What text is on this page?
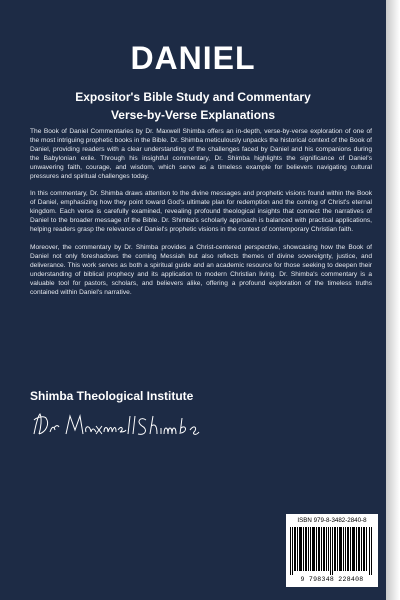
DANIEL
Expositor's Bible Study and Commentary
Verse-by-Verse Explanations

The Book of Daniel Commentaries by Dr. Maxwell Shimba offers an in-depth, verse-by-verse exploration of one of the most intriguing prophetic books in the Bible. Dr. Shimba meticulously unpacks the historical context of the Book of Daniel, providing readers with a clear understanding of the challenges faced by Daniel and his companions during the Babylonian exile. Through his insightful commentary, Dr. Shimba highlights the significance of Daniel's unwavering faith, courage, and wisdom, which serve as a timeless example for believers navigating cultural pressures and spiritual challenges today.

In this commentary, Dr. Shimba draws attention to the divine messages and prophetic visions found within the Book of Daniel, emphasizing how they point toward God's ultimate plan for redemption and the coming of Christ's eternal kingdom. Each verse is carefully examined, revealing profound theological insights that connect the narratives of Daniel to the broader message of the Bible. Dr. Shimba's scholarly approach is balanced with practical applications, helping readers grasp the relevance of Daniel's prophetic visions in the context of contemporary Christian faith.

Moreover, the commentary by Dr. Shimba provides a Christ-centered perspective, showcasing how the Book of Daniel not only foreshadows the coming Messiah but also reflects themes of divine sovereignty, justice, and deliverance. This work serves as both a spiritual guide and an academic resource for those seeking to deepen their understanding of biblical prophecy and its application to modern Christian living. Dr. Shimba's commentary is a valuable tool for pastors, scholars, and believers alike, offering a profound exploration of the timeless truths contained within Daniel's narrative.

Shimba Theological Institute
ISBN 979-8-3482-2840-8
9 798348 228408
